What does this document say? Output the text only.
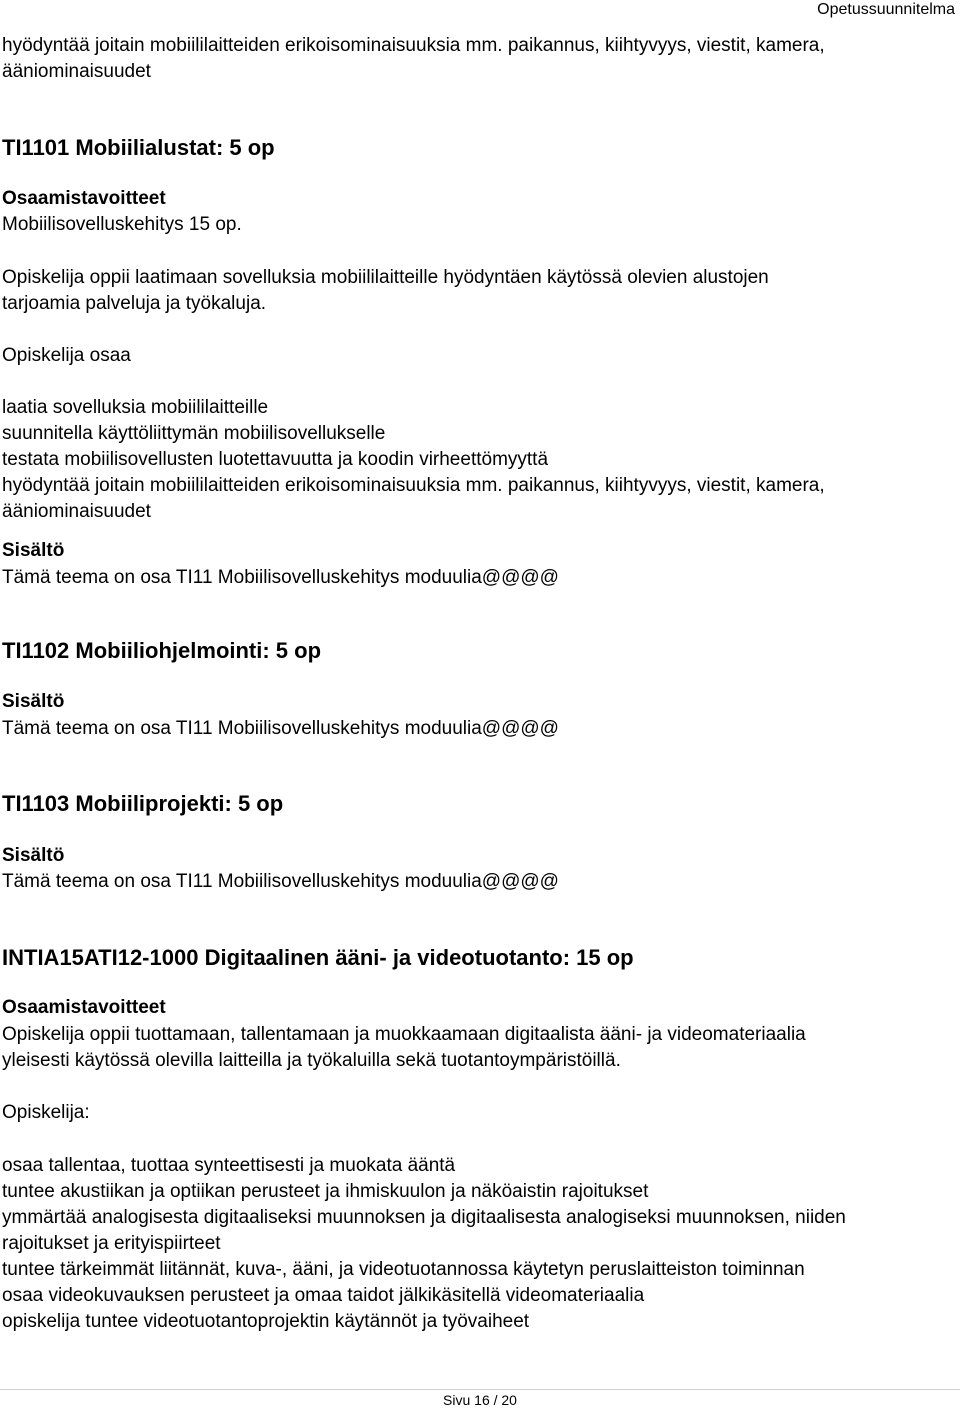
Opetussuunnitelma
hyödyntää joitain mobiililaitteiden erikoisominaisuuksia mm. paikannus, kiihtyvyys, viestit, kamera,
ääniominaisuudet
TI1101 Mobiilialustat: 5 op
Osaamistavoitteet
Mobiilisovelluskehitys 15 op.
Opiskelija oppii laatimaan sovelluksia mobiililaitteille hyödyntäen käytössä olevien alustojen
tarjoamia palveluja ja työkaluja.
Opiskelija osaa
laatia sovelluksia mobiililaitteille
suunnitella käyttöliittymän mobiilisovellukselle
testata mobiilisovellusten luotettavuutta ja koodin virheettömyyttä
hyödyntää joitain mobiililaitteiden erikoisominaisuuksia mm. paikannus, kiihtyvyys, viestit, kamera,
ääniominaisuudet
Sisältö
Tämä teema on osa TI11 Mobiilisovelluskehitys moduulia@@@@
TI1102 Mobiiliohjelmointi: 5 op
Sisältö
Tämä teema on osa TI11 Mobiilisovelluskehitys moduulia@@@@
TI1103 Mobiiliprojekti: 5 op
Sisältö
Tämä teema on osa TI11 Mobiilisovelluskehitys moduulia@@@@
INTIA15ATI12-1000 Digitaalinen ääni- ja videotuotanto: 15 op
Osaamistavoitteet
Opiskelija oppii tuottamaan, tallentamaan ja muokkaamaan digitaalista ääni- ja videomateriaalia
yleisesti käytössä olevilla laitteilla ja työkaluilla sekä tuotantoympäristöillä.
Opiskelija:
osaa tallentaa, tuottaa synteettisesti ja muokata ääntä
tuntee akustiikan ja optiikan perusteet ja ihmiskuulon ja näköaistin rajoitukset
ymmärtää analogisesta digitaaliseksi muunnoksen ja digitaalisesta analogiseksi muunnoksen, niiden
rajoitukset ja erityispiirteet
tuntee tärkeimmät liitännät, kuva-, ääni, ja videotuotannossa käytetyn peruslaitteiston toiminnan
osaa videokuvauksen perusteet ja omaa taidot jälkikäsitellä videomateriaalia
opiskelija tuntee videotuotantoprojektin käytännöt ja työvaiheet
Sivu 16 / 20
